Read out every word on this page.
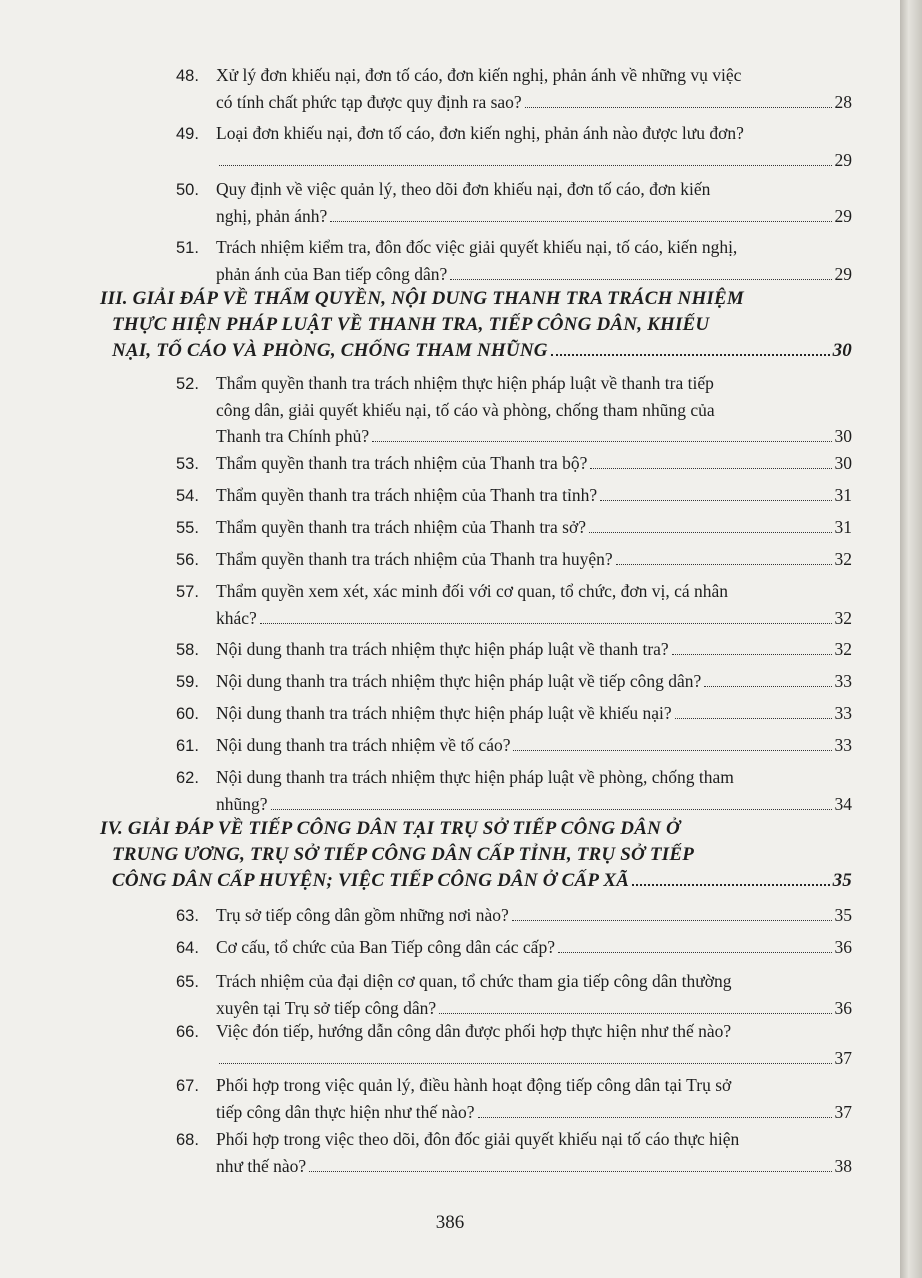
48. Xử lý đơn khiếu nại, đơn tố cáo, đơn kiến nghị, phản ánh về những vụ việc
có tính chất phức tạp được quy định ra sao?	28
49. Loại đơn khiếu nại, đơn tố cáo, đơn kiến nghị, phản ánh nào được lưu đơn?
29
50. Quy định về việc quản lý, theo dõi đơn khiếu nại, đơn tố cáo, đơn kiến
nghị, phản ánh?	29
51. Trách nhiệm kiểm tra, đôn đốc việc giải quyết khiếu nại, tố cáo, kiến nghị,
phản ánh của Ban tiếp công dân?	29
III. GIẢI ĐÁP VỀ THẨM QUYỀN, NỘI DUNG THANH TRA TRÁCH NHIỆM
THỰC HIỆN PHÁP LUẬT VỀ THANH TRA, TIẾP CÔNG DÂN, KHIẾU
NẠI, TỐ CÁO VÀ PHÒNG, CHỐNG THAM NHŨNG	30
52. Thẩm quyền thanh tra trách nhiệm thực hiện pháp luật về thanh tra tiếp
công dân, giải quyết khiếu nại, tố cáo và phòng, chống tham nhũng của
Thanh tra Chính phủ?	30
53. Thẩm quyền thanh tra trách nhiệm của Thanh tra bộ?	30
54. Thẩm quyền thanh tra trách nhiệm của Thanh tra tỉnh?	31
55. Thẩm quyền thanh tra trách nhiệm của Thanh tra sở?	31
56. Thẩm quyền thanh tra trách nhiệm của Thanh tra huyện?	32
57. Thẩm quyền xem xét, xác minh đối với cơ quan, tổ chức, đơn vị, cá nhân
khác?	32
58. Nội dung thanh tra trách nhiệm thực hiện pháp luật về thanh tra?	32
59. Nội dung thanh tra trách nhiệm thực hiện pháp luật về tiếp công dân?	33
60. Nội dung thanh tra trách nhiệm thực hiện pháp luật về khiếu nại?	33
61. Nội dung thanh tra trách nhiệm về tố cáo?	33
62. Nội dung thanh tra trách nhiệm thực hiện pháp luật về phòng, chống tham
nhũng?	34
IV. GIẢI ĐÁP VỀ TIẾP CÔNG DÂN TẠI TRỤ SỞ TIẾP CÔNG DÂN Ở
TRUNG ƯƠNG, TRỤ SỞ TIẾP CÔNG DÂN CẤP TỈNH, TRỤ SỞ TIẾP
CÔNG DÂN CẤP HUYỆN; VIỆC TIẾP CÔNG DÂN Ở CẤP XÃ	35
63. Trụ sở tiếp công dân gồm những nơi nào?	35
64. Cơ cấu, tổ chức của Ban Tiếp công dân các cấp?	36
65. Trách nhiệm của đại diện cơ quan, tổ chức tham gia tiếp công dân thường
xuyên tại Trụ sở tiếp công dân?	36
66. Việc đón tiếp, hướng dẫn công dân được phối hợp thực hiện như thế nào?
37
67. Phối hợp trong việc quản lý, điều hành hoạt động tiếp công dân tại Trụ sở
tiếp công dân thực hiện như thế nào?	37
68. Phối hợp trong việc theo dõi, đôn đốc giải quyết khiếu nại tố cáo thực hiện
như thế nào?	38
386
